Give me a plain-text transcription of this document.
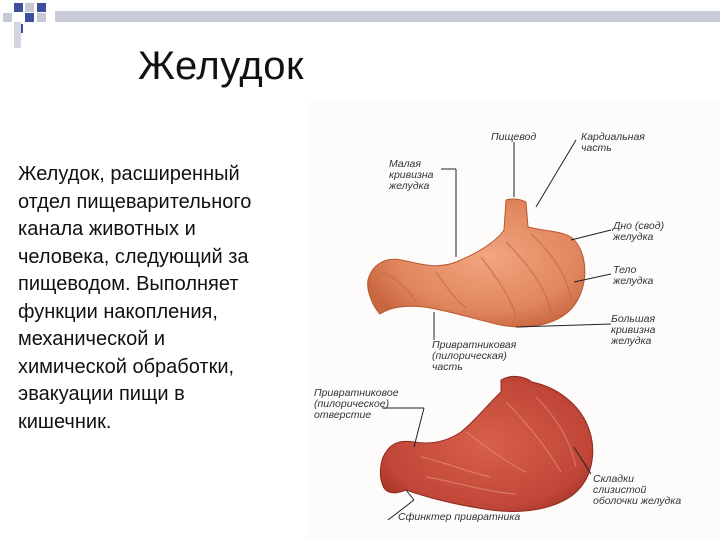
Желудок
Желудок, расширенный
отдел пищеварительного
канала животных и
человека, следующий за
пищеводом. Выполняет
функции накопления,
механической и
химической обработки,
эвакуации пищи в
кишечник.
Пищевод	Кардиальная
часть
Малая
кривизна
желудка
Дно (свод)
желудка
Тело
желудка
Большая
кривизна
желудка
Привратниковая
(пилорическая)
часть
Привратниковое
(пилорическое)
отверстие
Складки
слизистой
оболочки желудка
Сфинктер привратника
